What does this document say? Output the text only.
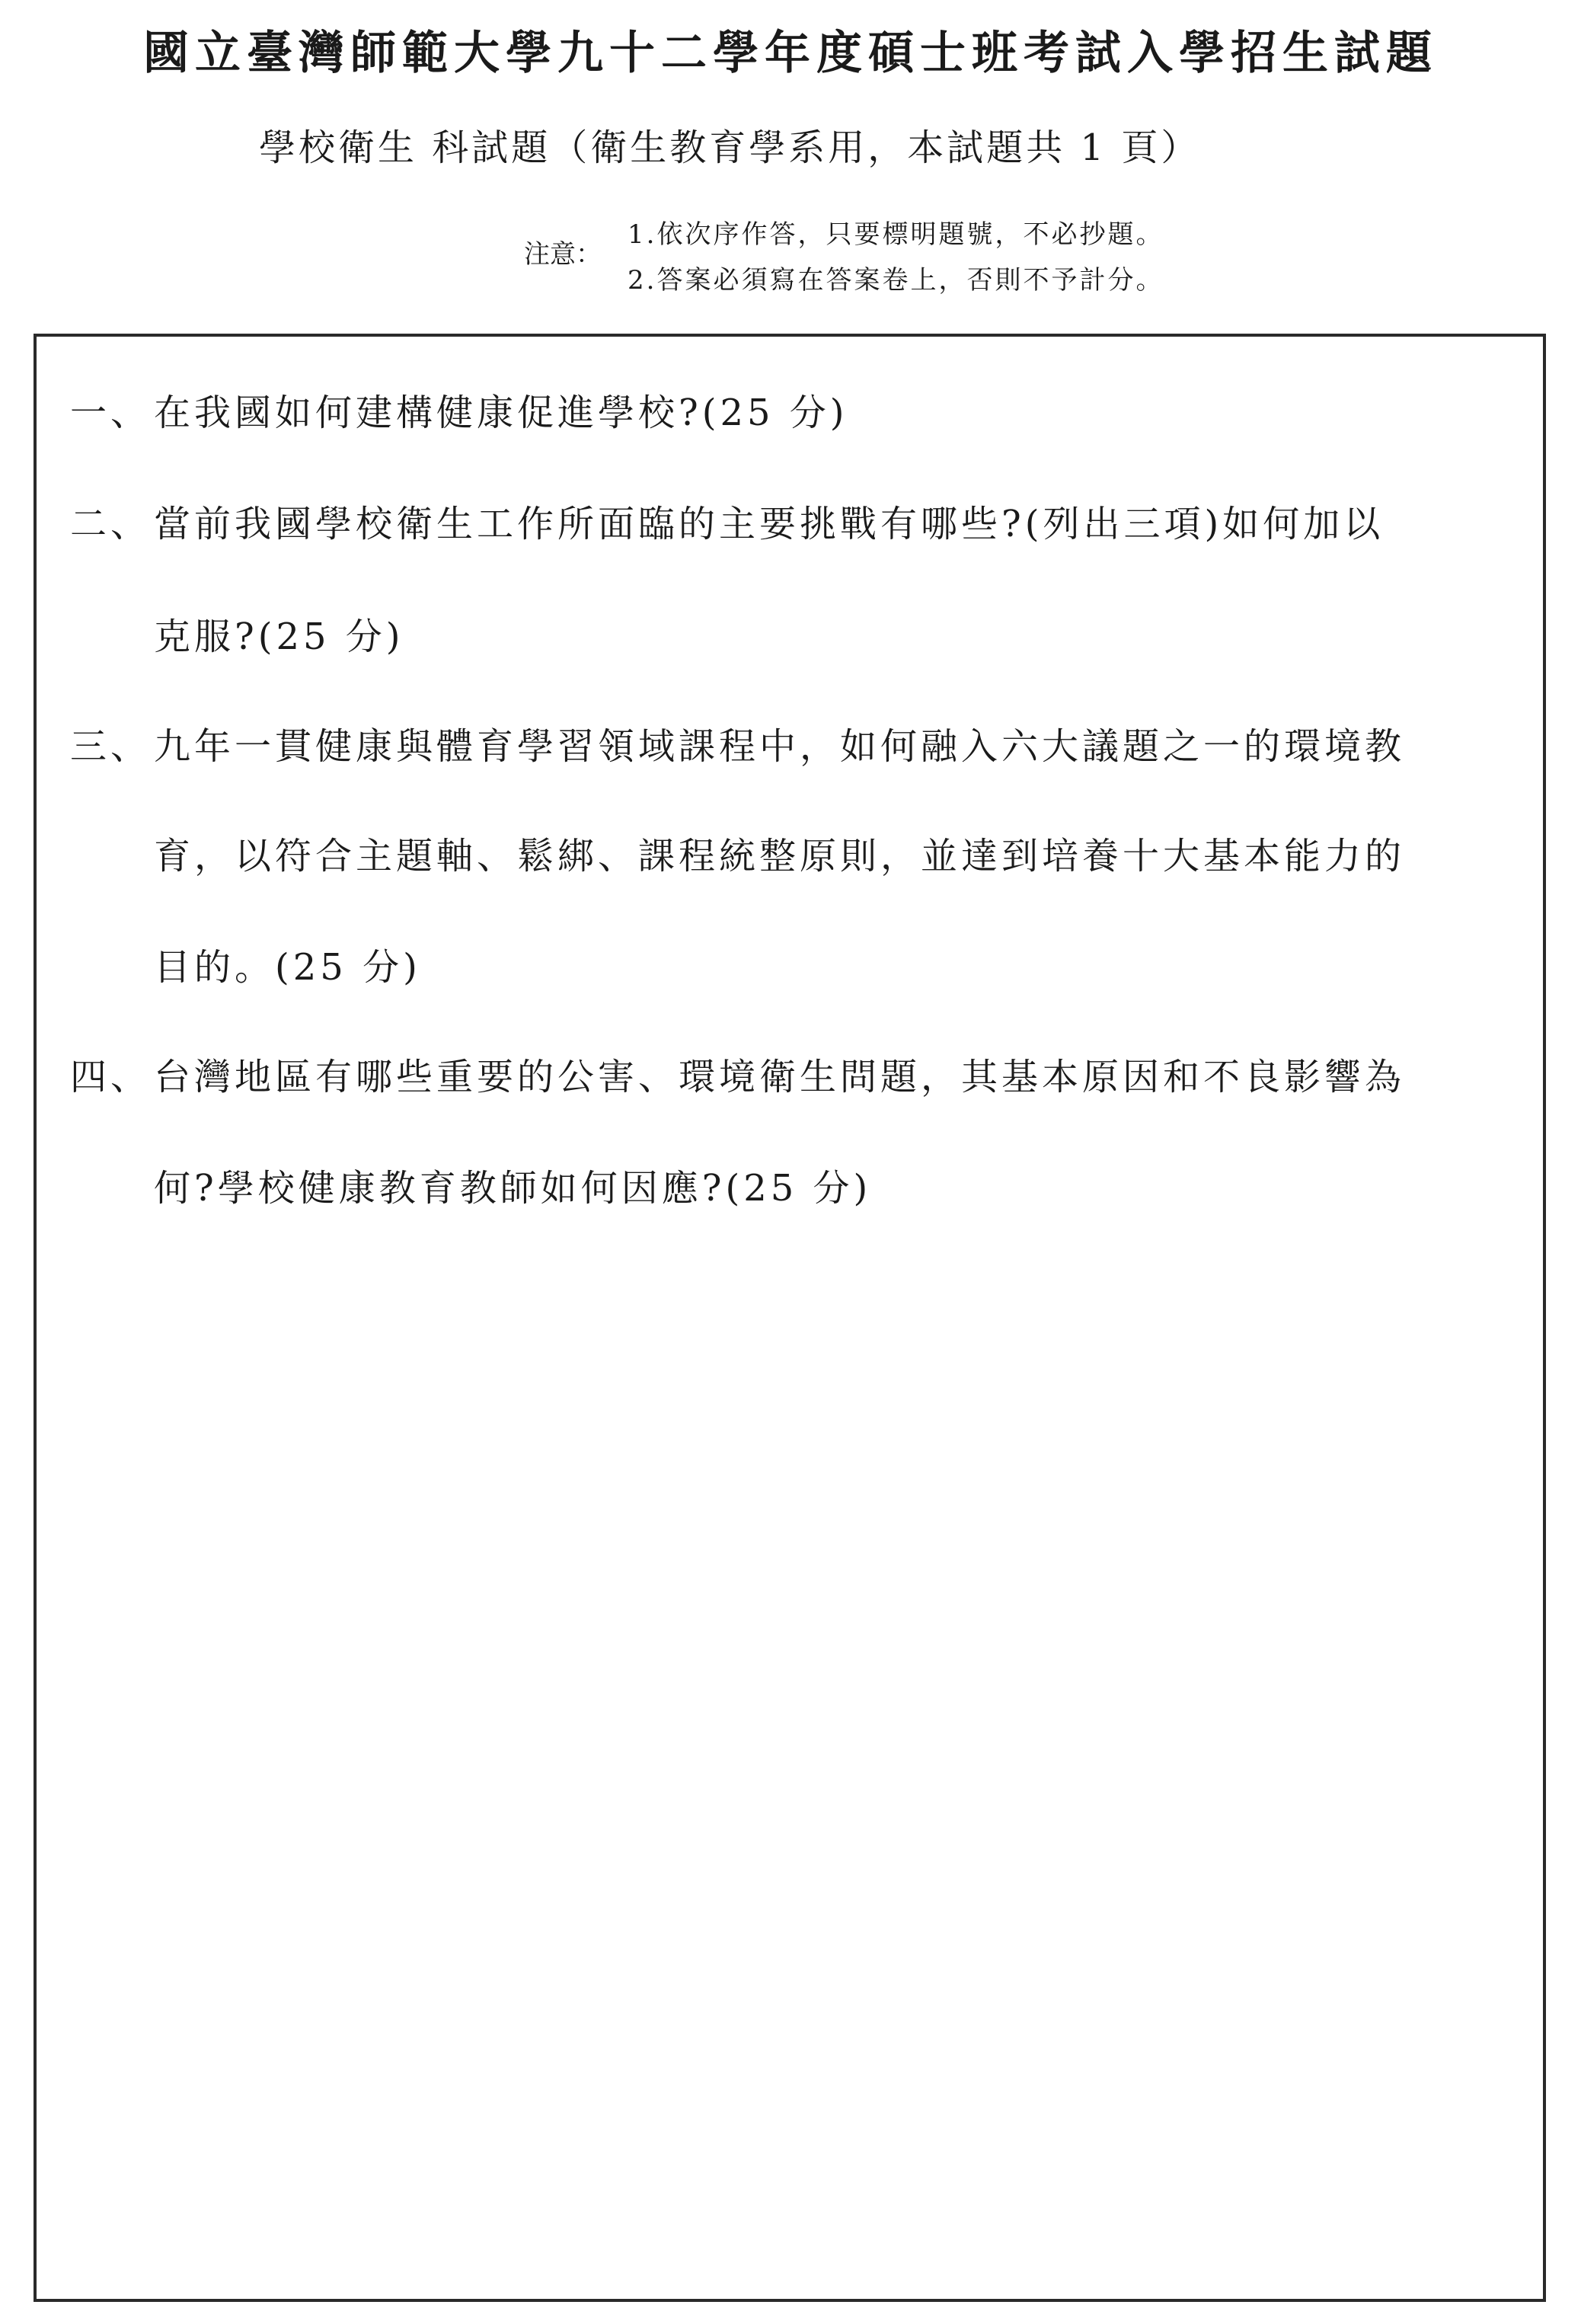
國立臺灣師範大學九十二學年度碩士班考試入學招生試題
學校衛生 科試題（衛生教育學系用，本試題共 1 頁）
注意：
1.依次序作答，只要標明題號，不必抄題。
2.答案必須寫在答案卷上，否則不予計分。
一、 在我國如何建構健康促進學校?(25 分)
二、 當前我國學校衛生工作所面臨的主要挑戰有哪些?(列出三項)如何加以
克服?(25 分)
三、 九年一貫健康與體育學習領域課程中，如何融入六大議題之一的環境教
育，以符合主題軸、鬆綁、課程統整原則，並達到培養十大基本能力的
目的。(25 分)
四、 台灣地區有哪些重要的公害、環境衛生問題，其基本原因和不良影響為
何?學校健康教育教師如何因應?(25 分)
